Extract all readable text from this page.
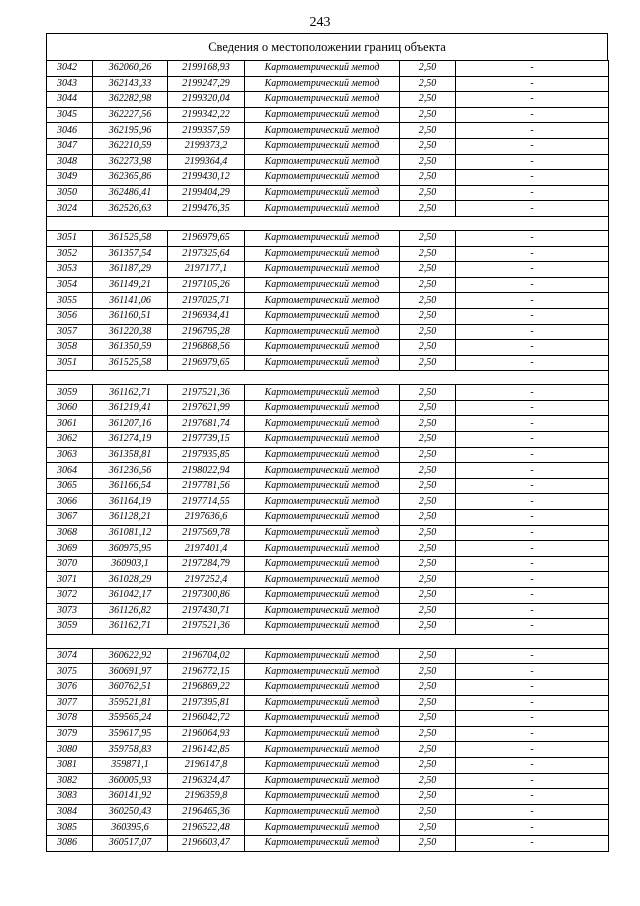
243
Сведения о местоположении границ объекта
3042	362060,26	2199168,93	Картометрический метод	2,50	-
3043	362143,33	2199247,29	Картометрический метод	2,50	-
3044	362282,98	2199320,04	Картометрический метод	2,50	-
3045	362227,56	2199342,22	Картометрический метод	2,50	-
3046	362195,96	2199357,59	Картометрический метод	2,50	-
3047	362210,59	2199373,2	Картометрический метод	2,50	-
3048	362273,98	2199364,4	Картометрический метод	2,50	-
3049	362365,86	2199430,12	Картометрический метод	2,50	-
3050	362486,41	2199404,29	Картометрический метод	2,50	-
3024	362526,63	2199476,35	Картометрический метод	2,50	-

3051	361525,58	2196979,65	Картометрический метод	2,50	-
3052	361357,54	2197325,64	Картометрический метод	2,50	-
3053	361187,29	2197177,1	Картометрический метод	2,50	-
3054	361149,21	2197105,26	Картометрический метод	2,50	-
3055	361141,06	2197025,71	Картометрический метод	2,50	-
3056	361160,51	2196934,41	Картометрический метод	2,50	-
3057	361220,38	2196795,28	Картометрический метод	2,50	-
3058	361350,59	2196868,56	Картометрический метод	2,50	-
3051	361525,58	2196979,65	Картометрический метод	2,50	-

3059	361162,71	2197521,36	Картометрический метод	2,50	-
3060	361219,41	2197621,99	Картометрический метод	2,50	-
3061	361207,16	2197681,74	Картометрический метод	2,50	-
3062	361274,19	2197739,15	Картометрический метод	2,50	-
3063	361358,81	2197935,85	Картометрический метод	2,50	-
3064	361236,56	2198022,94	Картометрический метод	2,50	-
3065	361166,54	2197781,56	Картометрический метод	2,50	-
3066	361164,19	2197714,55	Картометрический метод	2,50	-
3067	361128,21	2197636,6	Картометрический метод	2,50	-
3068	361081,12	2197569,78	Картометрический метод	2,50	-
3069	360975,95	2197401,4	Картометрический метод	2,50	-
3070	360903,1	2197284,79	Картометрический метод	2,50	-
3071	361028,29	2197252,4	Картометрический метод	2,50	-
3072	361042,17	2197300,86	Картометрический метод	2,50	-
3073	361126,82	2197430,71	Картометрический метод	2,50	-
3059	361162,71	2197521,36	Картометрический метод	2,50	-

3074	360622,92	2196704,02	Картометрический метод	2,50	-
3075	360691,97	2196772,15	Картометрический метод	2,50	-
3076	360762,51	2196869,22	Картометрический метод	2,50	-
3077	359521,81	2197395,81	Картометрический метод	2,50	-
3078	359565,24	2196042,72	Картометрический метод	2,50	-
3079	359617,95	2196064,93	Картометрический метод	2,50	-
3080	359758,83	2196142,85	Картометрический метод	2,50	-
3081	359871,1	2196147,8	Картометрический метод	2,50	-
3082	360005,93	2196324,47	Картометрический метод	2,50	-
3083	360141,92	2196359,8	Картометрический метод	2,50	-
3084	360250,43	2196465,36	Картометрический метод	2,50	-
3085	360395,6	2196522,48	Картометрический метод	2,50	-
3086	360517,07	2196603,47	Картометрический метод	2,50	-
